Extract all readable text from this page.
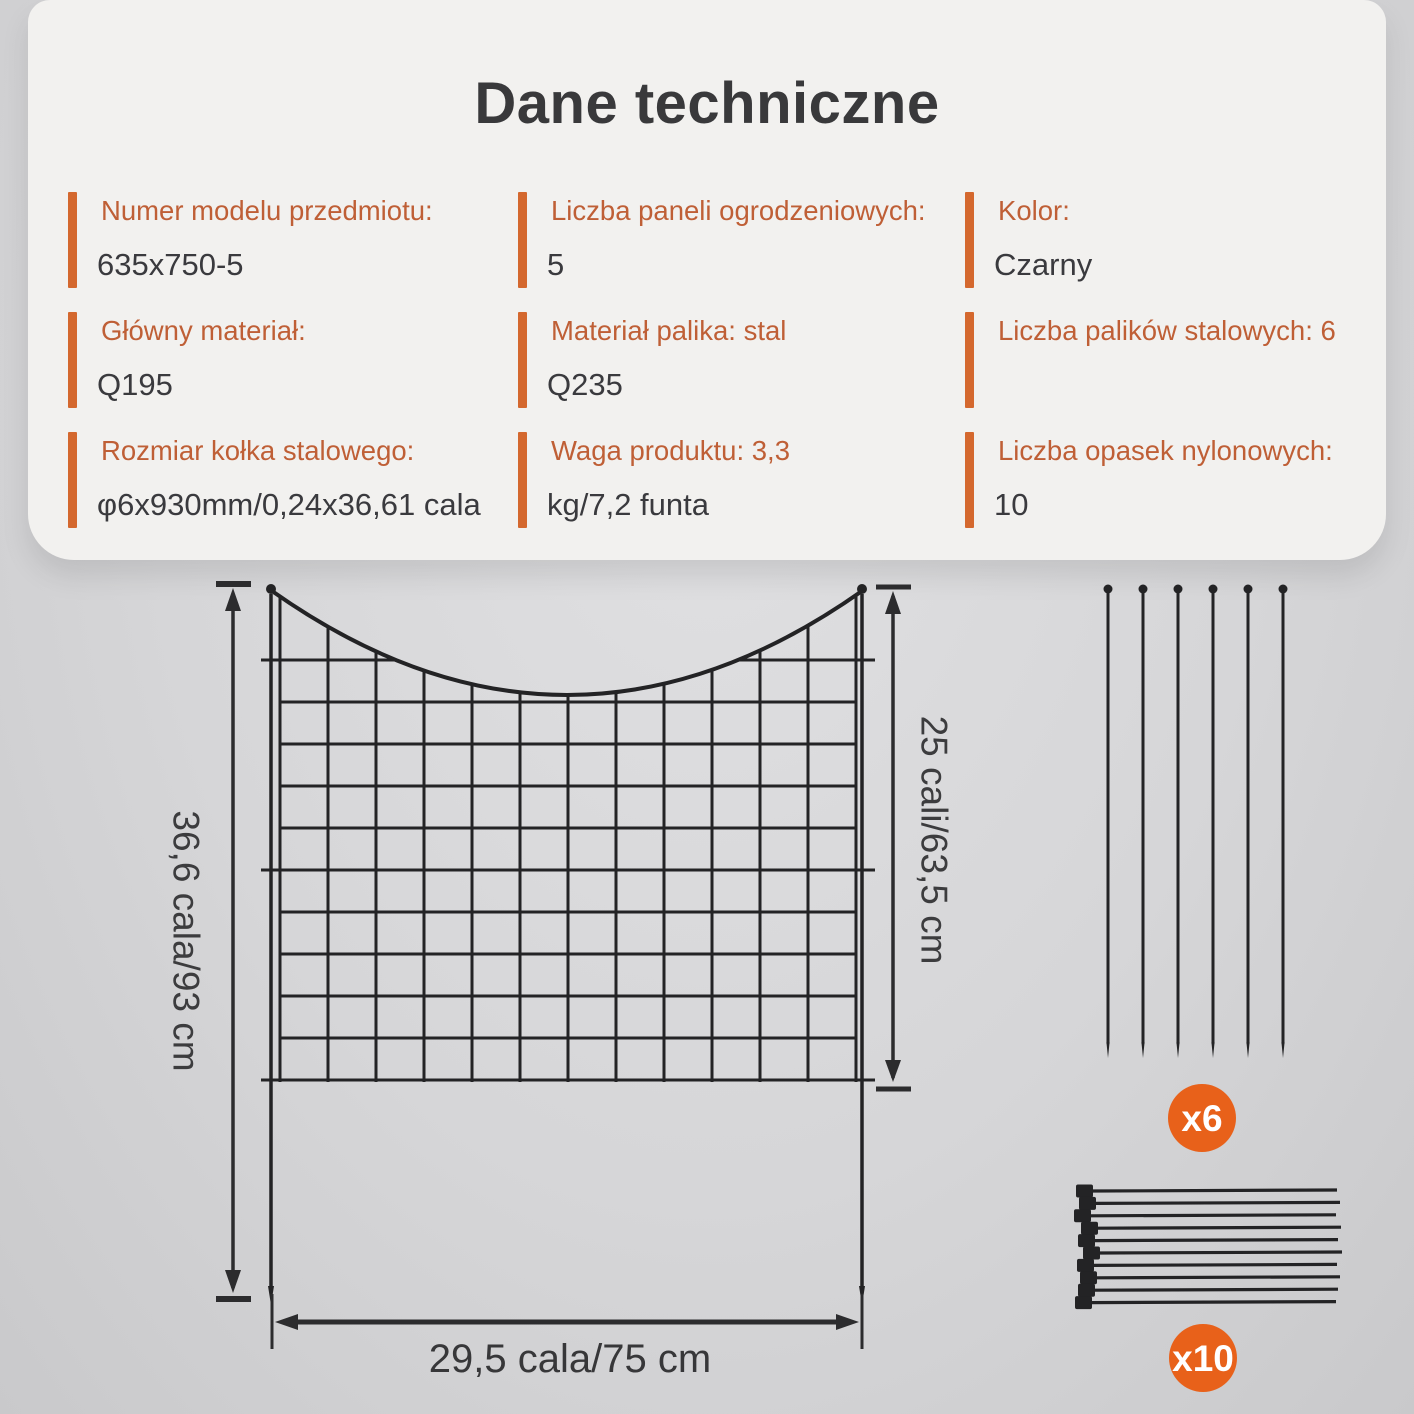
Dane techniczne
Numer modelu przedmiotu:
635x750-5
Liczba paneli ogrodzeniowych:
5
Kolor:
Czarny
Główny materiał:
Q195
Materiał palika: stal
Q235
Liczba palików stalowych: 6
Rozmiar kołka stalowego:
φ6x930mm/0,24x36,61 cala
Waga produktu: 3,3
kg/7,2 funta
Liczba opasek nylonowych:
10
36,6 cala/93 cm	25 cali/63,5 cm
29,5 cala/75 cm
x6
x10
